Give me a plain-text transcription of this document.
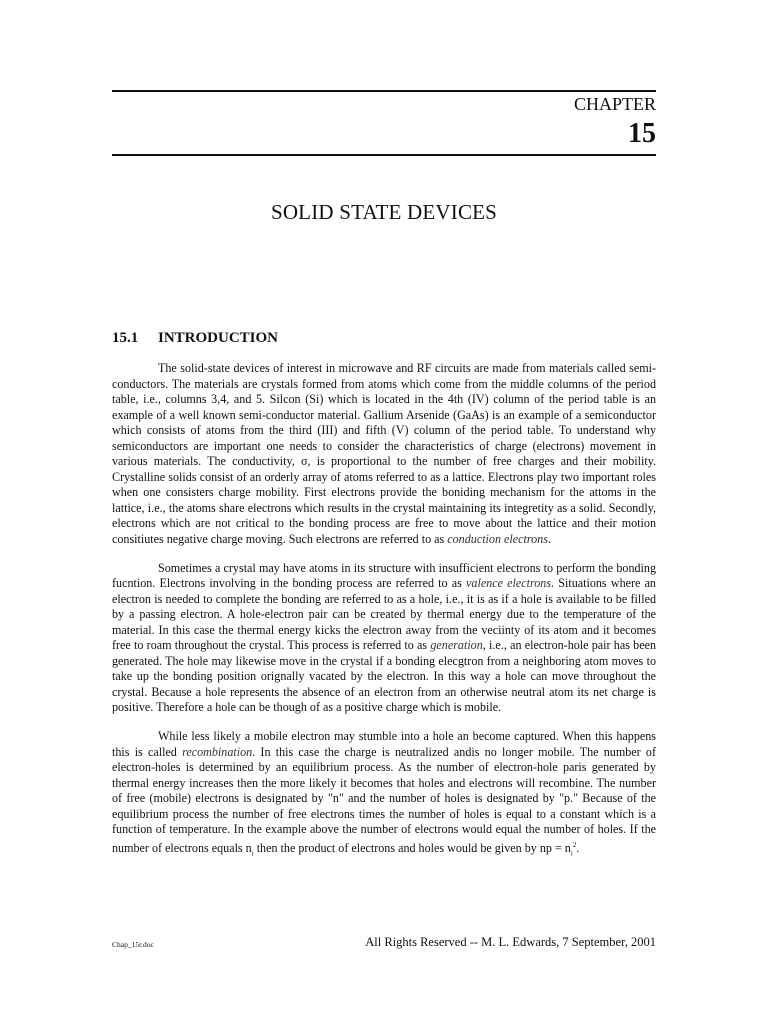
CHAPTER
15
SOLID STATE DEVICES
15.1 INTRODUCTION

The solid-state devices of interest in microwave and RF circuits are made from materials called semi-conductors. The materials are crystals formed from atoms which come from the middle columns of the period table, i.e., columns 3,4, and 5. Silcon (Si) which is located in the 4th (IV) column of the period table is an example of a well known semi-conductor material. Gallium Arsenide (GaAs) is an example of a semiconductor which consists of atoms from the third (III) and fifth (V) column of the period table. To understand why semiconductors are important one needs to consider the characteristics of charge (electrons) movement in various materials. The conductivity, σ, is proportional to the number of free charges and their mobility. Crystalline solids consist of an orderly array of atoms referred to as a lattice. Electrons play two important roles when one consisters charge mobility. First electrons provide the boniding mechanism for the attoms in the lattice, i.e., the atoms share electrons which results in the crystal maintaining its integretity as a solid. Secondly, electrons which are not critical to the bonding process are free to move about the lattice and their motion consitiutes negative charge moving. Such electrons are referred to as conduction electrons.

Sometimes a crystal may have atoms in its structure with insufficient electrons to perform the bonding fucntion. Electrons involving in the bonding process are referred to as valence electrons. Situations where an electron is needed to complete the bonding are referred to as a hole, i.e., it is as if a hole is available to be filled by a passing electron. A hole-electron pair can be created by thermal energy due to the temperature of the material. In this case the thermal energy kicks the electron away from the veciinty of its atom and it becomes free to roam throughout the crystal. This process is referred to as generation, i.e., an electron-hole pair has been generated. The hole may likewise move in the crystal if a bonding elecgtron from a neighboring atom moves to take up the bonding position orignally vacated by the electron. In this way a hole can move throughout the crystal. Because a hole represents the absence of an electron from an otherwise neutral atom its net charge is positive. Therefore a hole can be though of as a positive charge which is mobile.

While less likely a mobile electron may stumble into a hole an become captured. When this happens this is called recombination. In this case the charge is neutralized andis no longer mobile. The number of electron-holes is determined by an equilibrium process. As the number of electron-hole paris generated by thermal energy increases then the more likely it becomes that holes and electrons will recombine. The number of free (mobile) electrons is designated by "n" and the number of holes is designated by "p." Because of the equilibrium process the number of free electrons times the number of holes is equal to a constant which is a function of temperature. In the example above the number of electrons would equal the number of holes. If the number of electrons equals $n_i$ then the product of electrons and holes would be given by np = $n_i^2$.

Chap_15r.doc	All Rights Reserved -- M. L. Edwards, 7 September, 2001
